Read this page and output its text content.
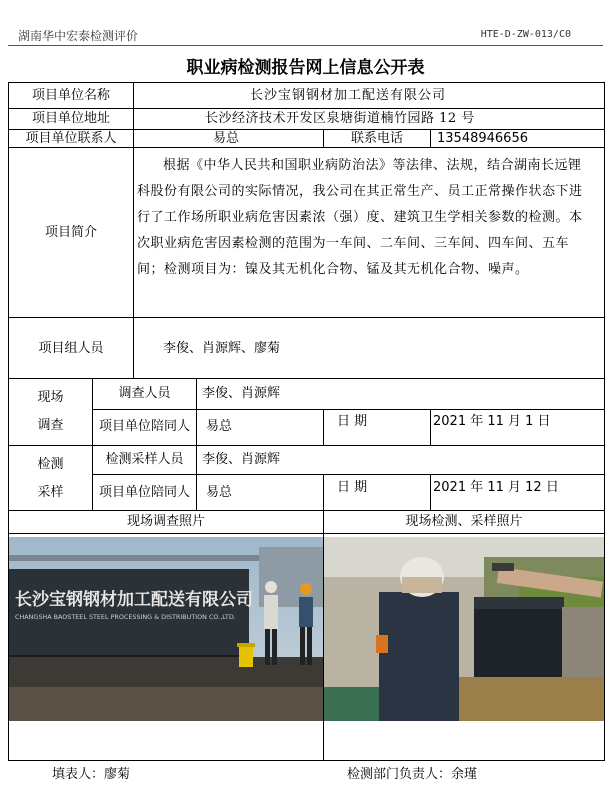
湖南华中宏泰检测评价	HTE-D-ZW-013/C0
职业病检测报告网上信息公开表
项目单位名称	长沙宝钢钢材加工配送有限公司
项目单位地址	长沙经济技术开发区泉塘街道楠竹园路 12 号
项目单位联系人	易总	联系电话	13548946656
项目简介
根据《中华人民共和国职业病防治法》等法律、法规，结合湖南长远锂科股份有限公司的实际情况，我公司在其正常生产、员工正常操作状态下进行了工作场所职业病危害因素浓（强）度、建筑卫生学相关参数的检测。本次职业病危害因素检测的范围为一车间、二车间、三车间、四车间、五车间；检测项目为：镍及其无机化合物、锰及其无机化合物、噪声。
项目组人员	李俊、肖源辉、廖菊
现场
调查
调查人员	李俊、肖源辉
项目单位陪同人	易总	日 期	2021 年 11 月 1 日
检测
采样
检测采样人员	李俊、肖源辉
项目单位陪同人	易总	日 期	2021 年 11 月 12 日
现场调查照片	现场检测、采样照片
长沙宝钢钢材加工配送有限公司
CHANGSHA BAOSTEEL STEEL PROCESSING & DISTRIBUTION CO.,LTD.
填表人：廖菊	检测部门负责人：余瑾
